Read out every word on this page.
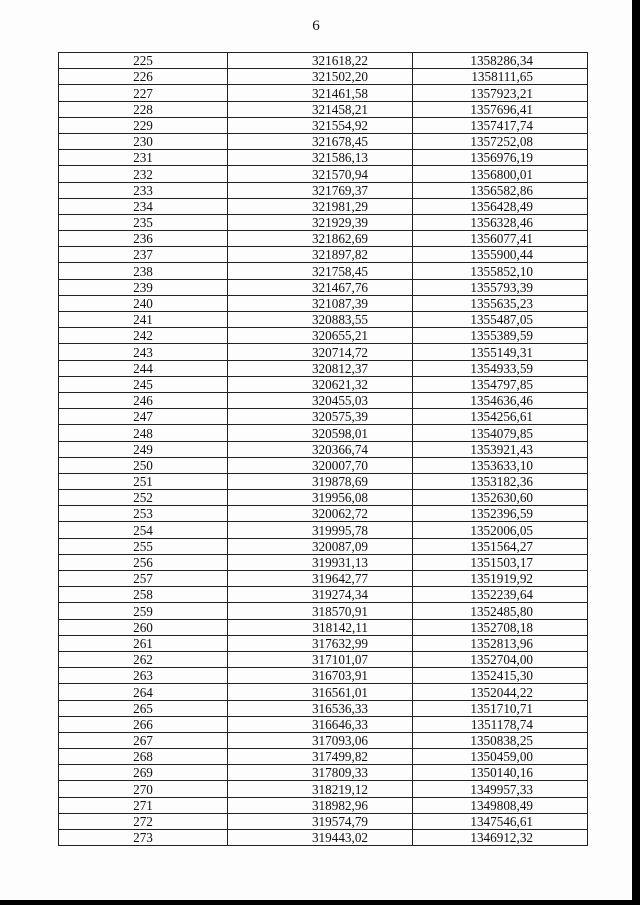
6
225	321618,22	1358286,34
226	321502,20	1358111,65
227	321461,58	1357923,21
228	321458,21	1357696,41
229	321554,92	1357417,74
230	321678,45	1357252,08
231	321586,13	1356976,19
232	321570,94	1356800,01
233	321769,37	1356582,86
234	321981,29	1356428,49
235	321929,39	1356328,46
236	321862,69	1356077,41
237	321897,82	1355900,44
238	321758,45	1355852,10
239	321467,76	1355793,39
240	321087,39	1355635,23
241	320883,55	1355487,05
242	320655,21	1355389,59
243	320714,72	1355149,31
244	320812,37	1354933,59
245	320621,32	1354797,85
246	320455,03	1354636,46
247	320575,39	1354256,61
248	320598,01	1354079,85
249	320366,74	1353921,43
250	320007,70	1353633,10
251	319878,69	1353182,36
252	319956,08	1352630,60
253	320062,72	1352396,59
254	319995,78	1352006,05
255	320087,09	1351564,27
256	319931,13	1351503,17
257	319642,77	1351919,92
258	319274,34	1352239,64
259	318570,91	1352485,80
260	318142,11	1352708,18
261	317632,99	1352813,96
262	317101,07	1352704,00
263	316703,91	1352415,30
264	316561,01	1352044,22
265	316536,33	1351710,71
266	316646,33	1351178,74
267	317093,06	1350838,25
268	317499,82	1350459,00
269	317809,33	1350140,16
270	318219,12	1349957,33
271	318982,96	1349808,49
272	319574,79	1347546,61
273	319443,02	1346912,32
